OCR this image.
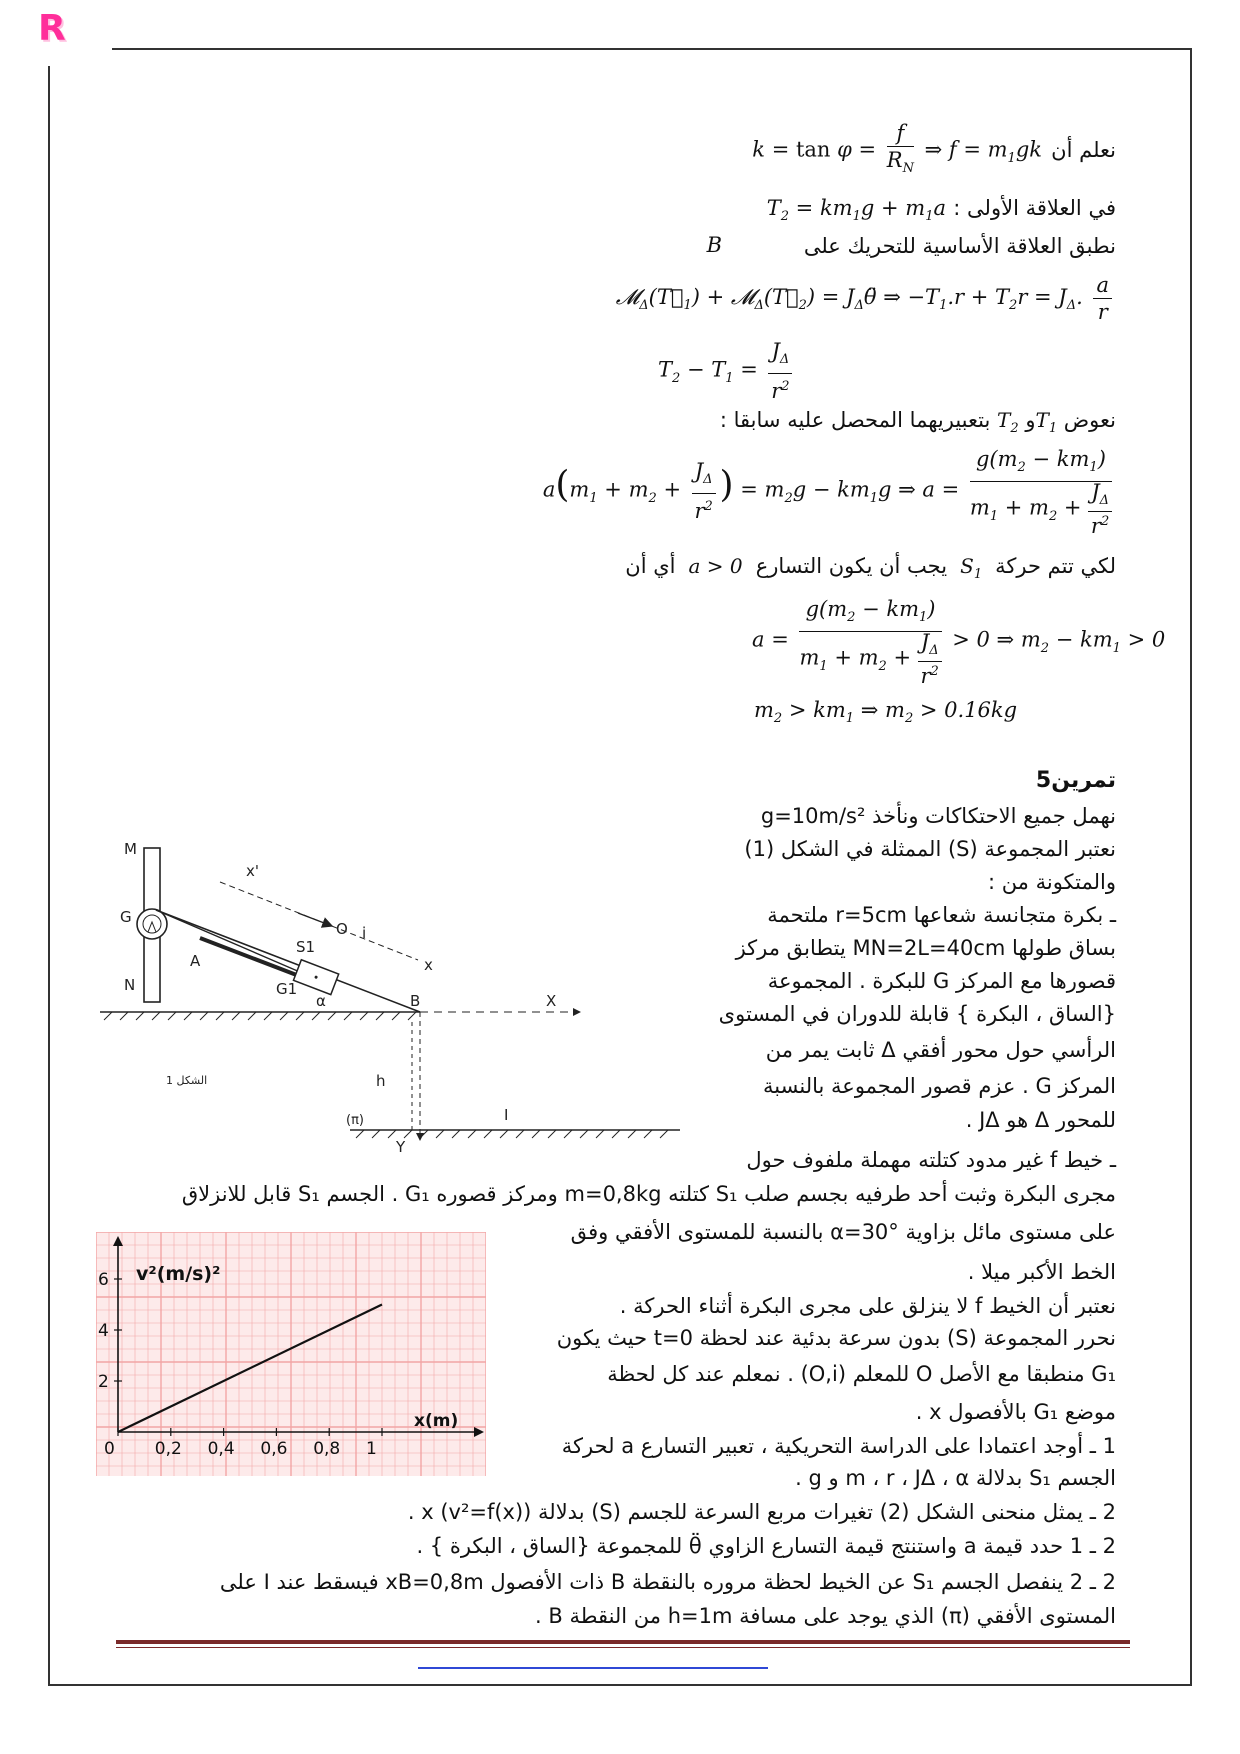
R
نعلم أن
$k = \tan \varphi = \frac{f}{R_N}$ ⇒ $f = m_1gk$
في العلاقة الأولى :
$T_2 = km_1g + m_1a$
نطبق العلاقة الأساسية للتحريك على
B
$𝓜_\Delta(T⃗_1)$ + $𝓜_\Delta(T⃗_2)$ = $J_\Delta\thetä$ ⇒ $-T_1.r + T_2r = J_\Delta$. $\frac{a}{r}$
$T_2 - T_1 = \frac{J_\Delta}{r^2}$
نعوض $T_1و$ $T_2$ بتعبيريهما المحصل عليه سابقا :
$a(m_1 + m_2 + \frac{J_\Delta}{r^2}$ ) = $m_2g - km_1g$ ⇒ $a = \frac{g(m_2 - km_1)}{m_1 + m_2 + \frac{J_\Delta}{r^2}}$
لكي تتم حركة  $S_1$  يجب أن يكون التسارع  a > 0  أي أن
$a = \frac{g(m_2 - km_1)}{m_1 + m_2 + \frac{J_\Delta}{r^2}} > 0$ ⇒ $m_2 - km_1 > 0$
$m_2 > km_1$ ⇒ $m_2 > 0.16kg$
تمرين5
نهمل جميع الاحتكاكات ونأخذ g=10m/s²
نعتبر المجموعة (S) الممثلة في الشكل (1)
والمتكونة من :
ـ بكرة متجانسة شعاعها r=5cm ملتحمة
بساق طولها MN=2L=40cm يتطابق مركز
قصورها مع المركز G للبكرة . المجموعة
{الساق ، البكرة } قابلة للدوران في المستوى
الرأسي حول محور أفقي Δ ثابت يمر من
المركز G . عزم قصور المجموعة بالنسبة
للمحور Δ هو JΔ .
ـ خيط f غير مدود كتلته مهملة ملفوف حول
مجرى البكرة وثبت أحد طرفيه بجسم صلب S₁ كتلته m=0,8kg ومركز قصوره G₁ . الجسم S₁ قابل للانزلاق
على مستوى مائل بزاوية α=30° بالنسبة للمستوى الأفقي وفق
الخط الأكبر ميلا .
نعتبر أن الخيط f لا ينزلق على مجرى البكرة أثناء الحركة .
نحرر المجموعة (S) بدون سرعة بدئية عند لحظة t=0 حيث يكون
G₁ منطبقا مع الأصل O للمعلم (O,i) . نمعلم عند كل لحظة
موضع G₁ بالأفصول x .
1 ـ أوجد اعتمادا على الدراسة التحريكية ، تعبير التسارع a لحركة
الجسم S₁ بدلالة m ، r ، JΔ ، α و g .
2 ـ يمثل منحنى الشكل (2) تغيرات مربع السرعة للجسم (S) بدلالة x (v²=f(x)) .
2 ـ 1 حدد قيمة a واستنتج قيمة التسارع الزاوي θ̈ للمجموعة {الساق ، البكرة } .
2 ـ 2 ينفصل الجسم S₁ عن الخيط لحظة مروره بالنقطة B ذات الأفصول xB=0,8m فيسقط عند I على
المستوى الأفقي (π) الذي يوجد على مسافة h=1m من النقطة B .
M
G
N
A
S1
O i
x'
x
G1
α	B	X
h
(π)	I
Y
الشكل 1
0 0,2 0,4 0,6 0,8 1
2
4
6 v²(m/s)²
x(m)
